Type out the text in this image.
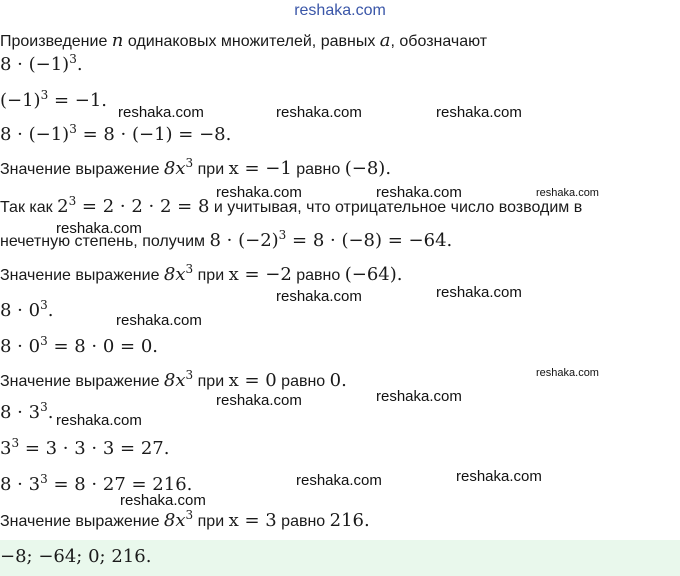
reshaka.com
Произведение n одинаковых множителей, равных a, обозначают
$8 \cdot (-1)^3$.
$(-1)^3 = -1$.
$8 \cdot (-1)^3 = 8 \cdot (-1) = -8$.
Значение выражение $8x^3$ при x = −1 равно (−8).
Так как $2^3 = 2 \cdot 2 \cdot 2 = 8$ и учитывая, что отрицательное число возводим в
нечетную степень, получим $8 \cdot (-2)^3 = 8 \cdot (-8) = -64$.
Значение выражение $8x^3$ при x = −2 равно (−64).
$8 \cdot 0^3$.
$8 \cdot 0^3 = 8 \cdot 0 = 0$.
Значение выражение $8x^3$ при x = 0 равно 0.
$8 \cdot 3^3$.
$3^3 = 3 \cdot 3 \cdot 3 = 27$.
$8 \cdot 3^3 = 8 \cdot 27 = 216$.
Значение выражение $8x^3$ при x = 3 равно 216.
−8; −64; 0; 216.
reshaka.com	reshaka.com	reshaka.com
reshaka.com	reshaka.com	reshaka.com
reshaka.com
reshaka.com	reshaka.com
reshaka.com
reshaka.com
reshaka.com	reshaka.com
reshaka.com
reshaka.com	reshaka.com
reshaka.com
